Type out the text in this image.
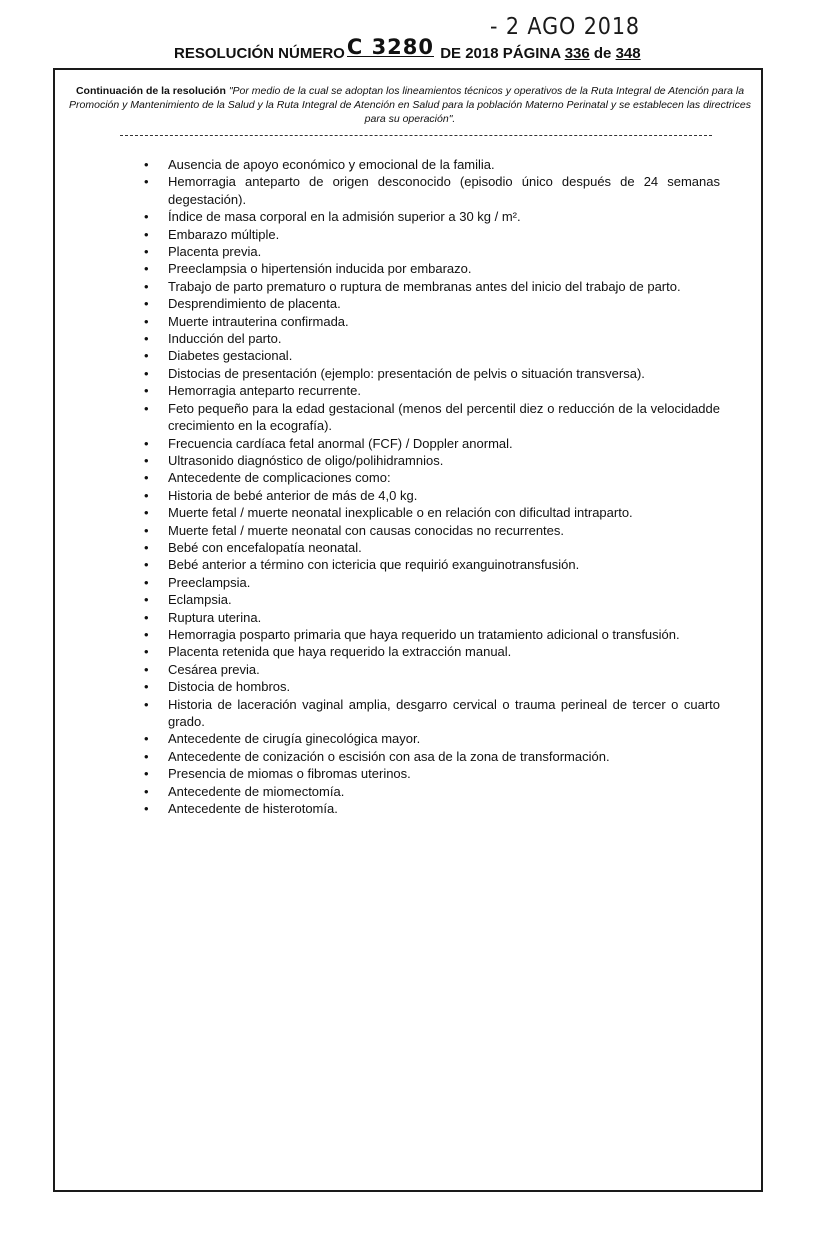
- 2 AGO 2018
RESOLUCIÓN NÚMEROC 3280 DE 2018 PÁGINA 336 de 348
Continuación de la resolución "Por medio de la cual se adoptan los lineamientos técnicos y operativos de la Ruta Integral de Atención para la Promoción y Mantenimiento de la Salud y la Ruta Integral de Atención en Salud para la población Materno Perinatal y se establecen las directrices para su operación".
• Ausencia de apoyo económico y emocional de la familia.
• Hemorragia anteparto de origen desconocido (episodio único después de 24 semanas degestación).
• Índice de masa corporal en la admisión superior a 30 kg / m².
• Embarazo múltiple.
• Placenta previa.
• Preeclampsia o hipertensión inducida por embarazo.
• Trabajo de parto prematuro o ruptura de membranas antes del inicio del trabajo de parto.
• Desprendimiento de placenta.
• Muerte intrauterina confirmada.
• Inducción del parto.
• Diabetes gestacional.
• Distocias de presentación (ejemplo: presentación de pelvis o situación transversa).
• Hemorragia anteparto recurrente.
• Feto pequeño para la edad gestacional (menos del percentil diez o reducción de la velocidadde crecimiento en la ecografía).
• Frecuencia cardíaca fetal anormal (FCF) / Doppler anormal.
• Ultrasonido diagnóstico de oligo/polihidramnios.
• Antecedente de complicaciones como:
• Historia de bebé anterior de más de 4,0 kg.
• Muerte fetal / muerte neonatal inexplicable o en relación con dificultad intraparto.
• Muerte fetal / muerte neonatal con causas conocidas no recurrentes.
• Bebé con encefalopatía neonatal.
• Bebé anterior a término con ictericia que requirió exanguinotransfusión.
• Preeclampsia.
• Eclampsia.
• Ruptura uterina.
• Hemorragia posparto primaria que haya requerido un tratamiento adicional o transfusión.
• Placenta retenida que haya requerido la extracción manual.
• Cesárea previa.
• Distocia de hombros.
• Historia de laceración vaginal amplia, desgarro cervical o trauma perineal de tercer o cuarto grado.
• Antecedente de cirugía ginecológica mayor.
• Antecedente de conización o escisión con asa de la zona de transformación.
• Presencia de miomas o fibromas uterinos.
• Antecedente de miomectomía.
• Antecedente de histerotomía.
